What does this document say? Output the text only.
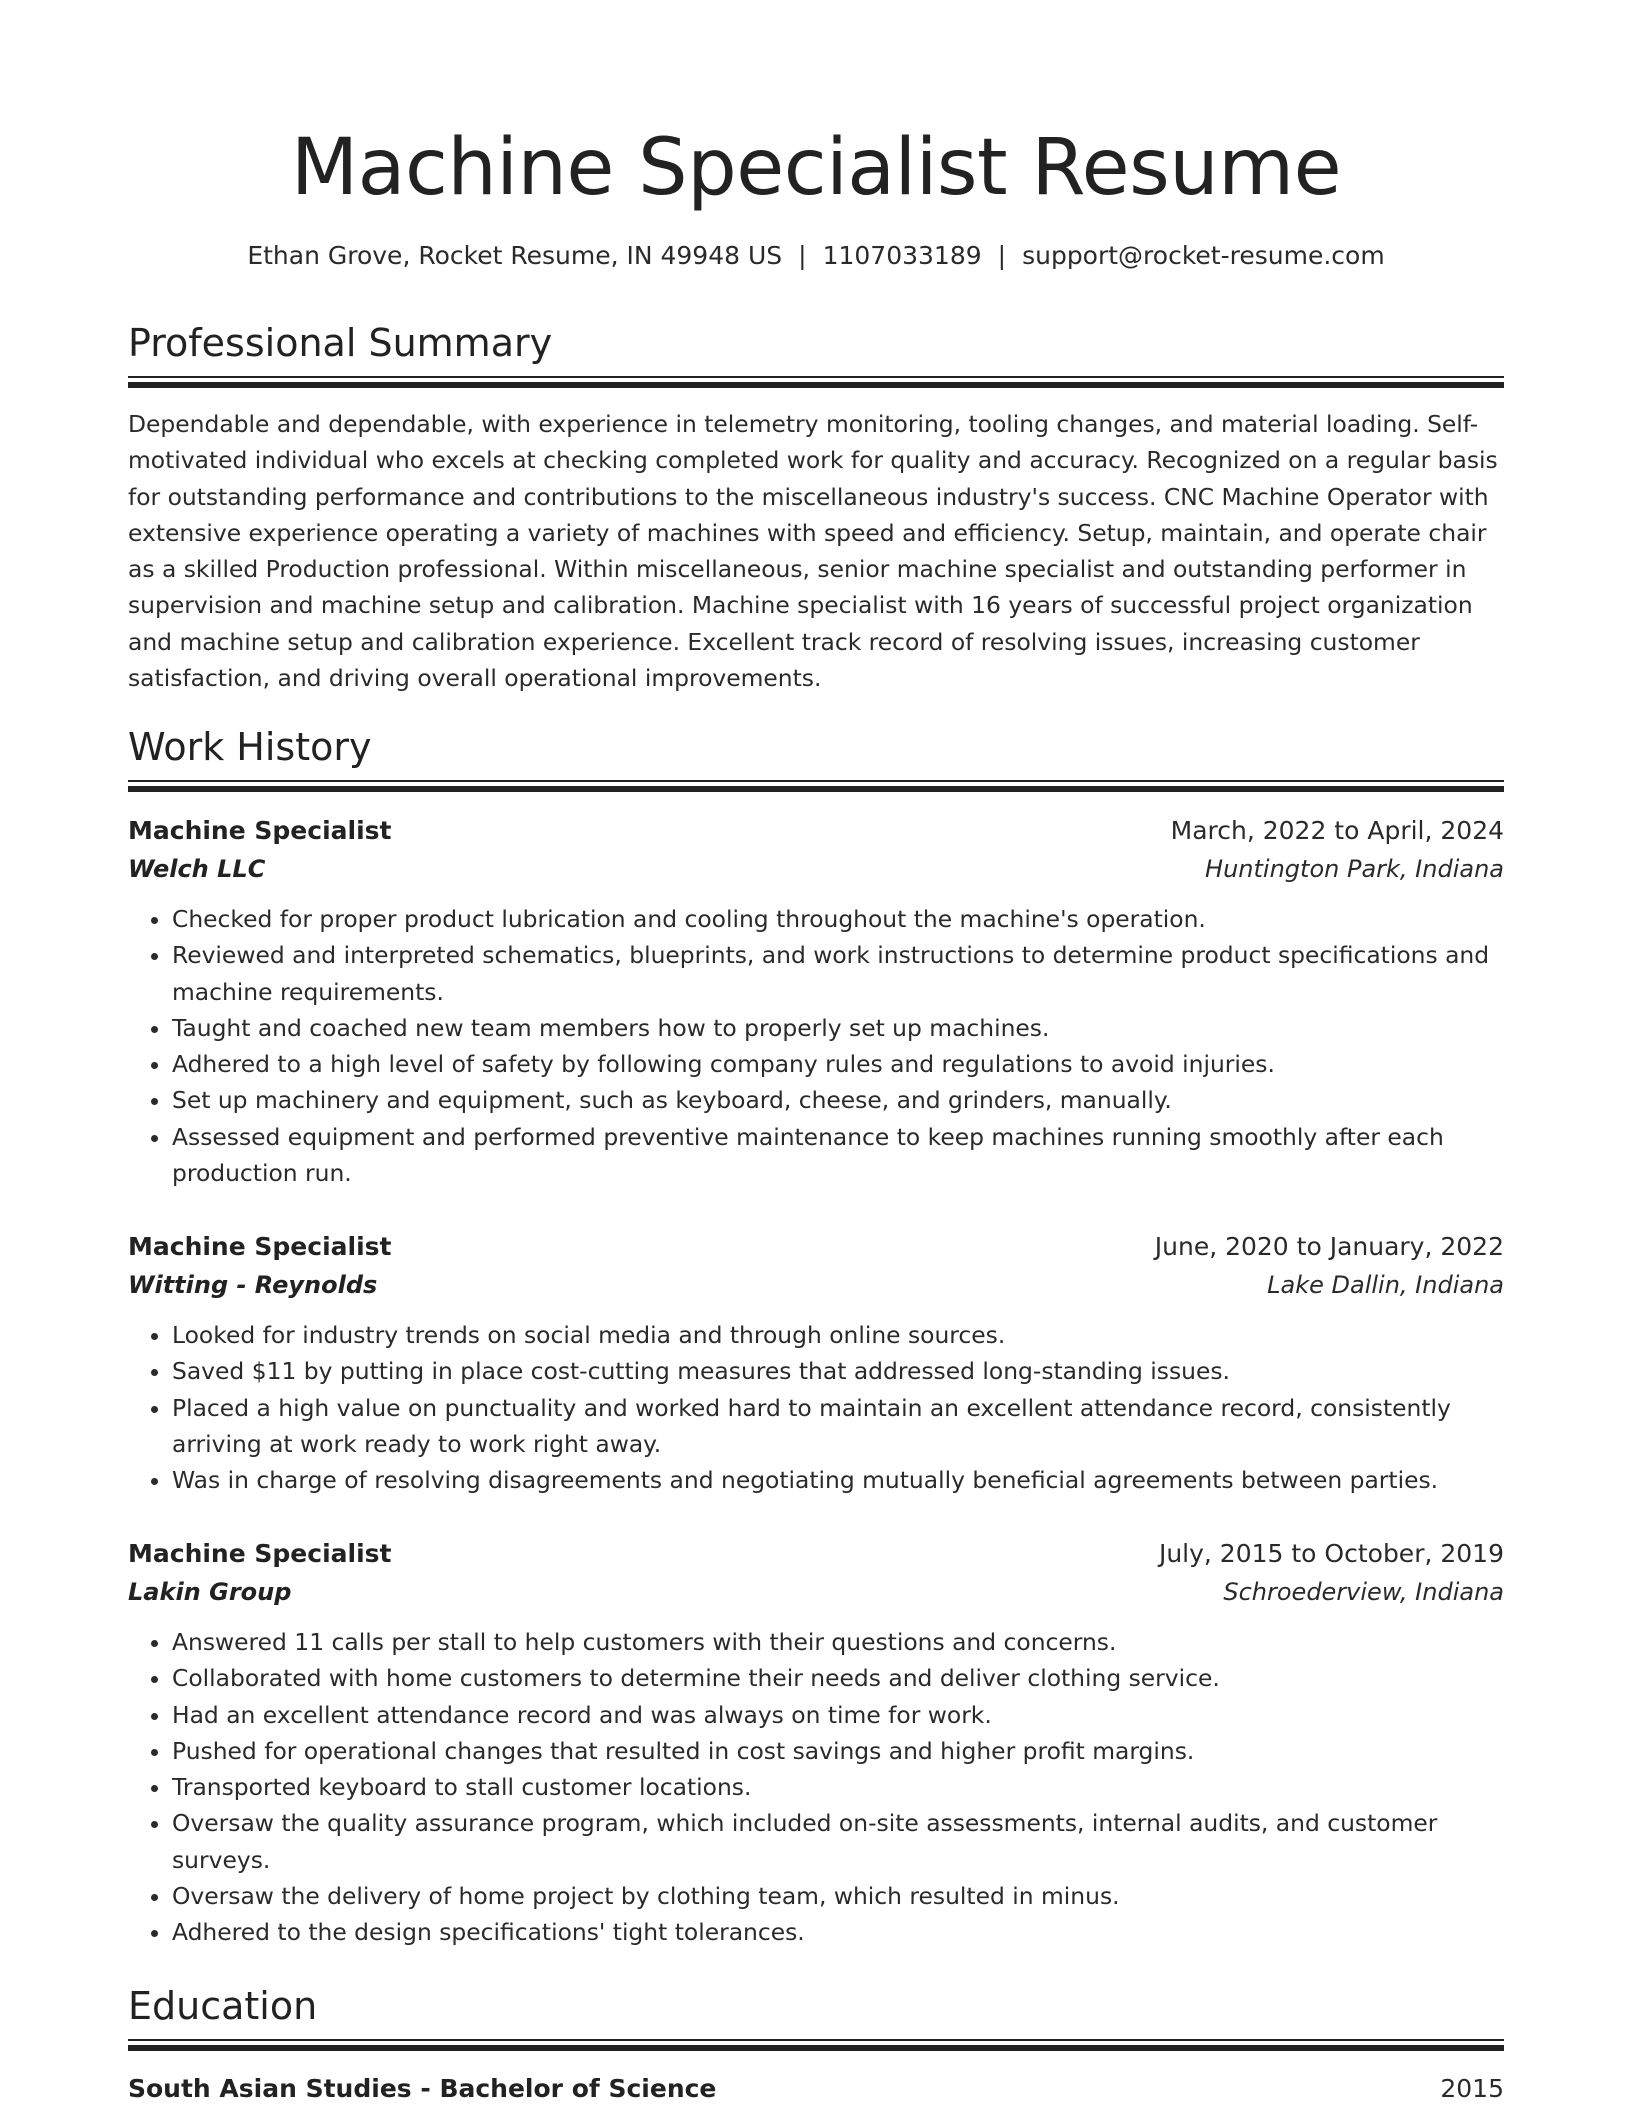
Machine Specialist Resume
Ethan Grove, Rocket Resume, IN 49948 US | 1107033189 | support@rocket-resume.com
Professional Summary

Dependable and dependable, with experience in telemetry monitoring, tooling changes, and material loading. Self-motivated individual who excels at checking completed work for quality and accuracy. Recognized on a regular basis for outstanding performance and contributions to the miscellaneous industry's success. CNC Machine Operator with extensive experience operating a variety of machines with speed and efficiency. Setup, maintain, and operate chair as a skilled Production professional. Within miscellaneous, senior machine specialist and outstanding performer in supervision and machine setup and calibration. Machine specialist with 16 years of successful project organization and machine setup and calibration experience. Excellent track record of resolving issues, increasing customer satisfaction, and driving overall operational improvements.

Work History
Machine Specialist	March, 2022 to April, 2024
Welch LLC	Huntington Park, Indiana
• Checked for proper product lubrication and cooling throughout the machine's operation.
• Reviewed and interpreted schematics, blueprints, and work instructions to determine product specifications and machine requirements.
• Taught and coached new team members how to properly set up machines.
• Adhered to a high level of safety by following company rules and regulations to avoid injuries.
• Set up machinery and equipment, such as keyboard, cheese, and grinders, manually.
• Assessed equipment and performed preventive maintenance to keep machines running smoothly after each production run.
Machine Specialist	June, 2020 to January, 2022
Witting - Reynolds	Lake Dallin, Indiana
• Looked for industry trends on social media and through online sources.
• Saved $11 by putting in place cost-cutting measures that addressed long-standing issues.
• Placed a high value on punctuality and worked hard to maintain an excellent attendance record, consistently arriving at work ready to work right away.
• Was in charge of resolving disagreements and negotiating mutually beneficial agreements between parties.
Machine Specialist	July, 2015 to October, 2019
Lakin Group	Schroederview, Indiana
• Answered 11 calls per stall to help customers with their questions and concerns.
• Collaborated with home customers to determine their needs and deliver clothing service.
• Had an excellent attendance record and was always on time for work.
• Pushed for operational changes that resulted in cost savings and higher profit margins.
• Transported keyboard to stall customer locations.
• Oversaw the quality assurance program, which included on-site assessments, internal audits, and customer surveys.
• Oversaw the delivery of home project by clothing team, which resulted in minus.
• Adhered to the design specifications' tight tolerances.
Education
South Asian Studies - Bachelor of Science	2015
